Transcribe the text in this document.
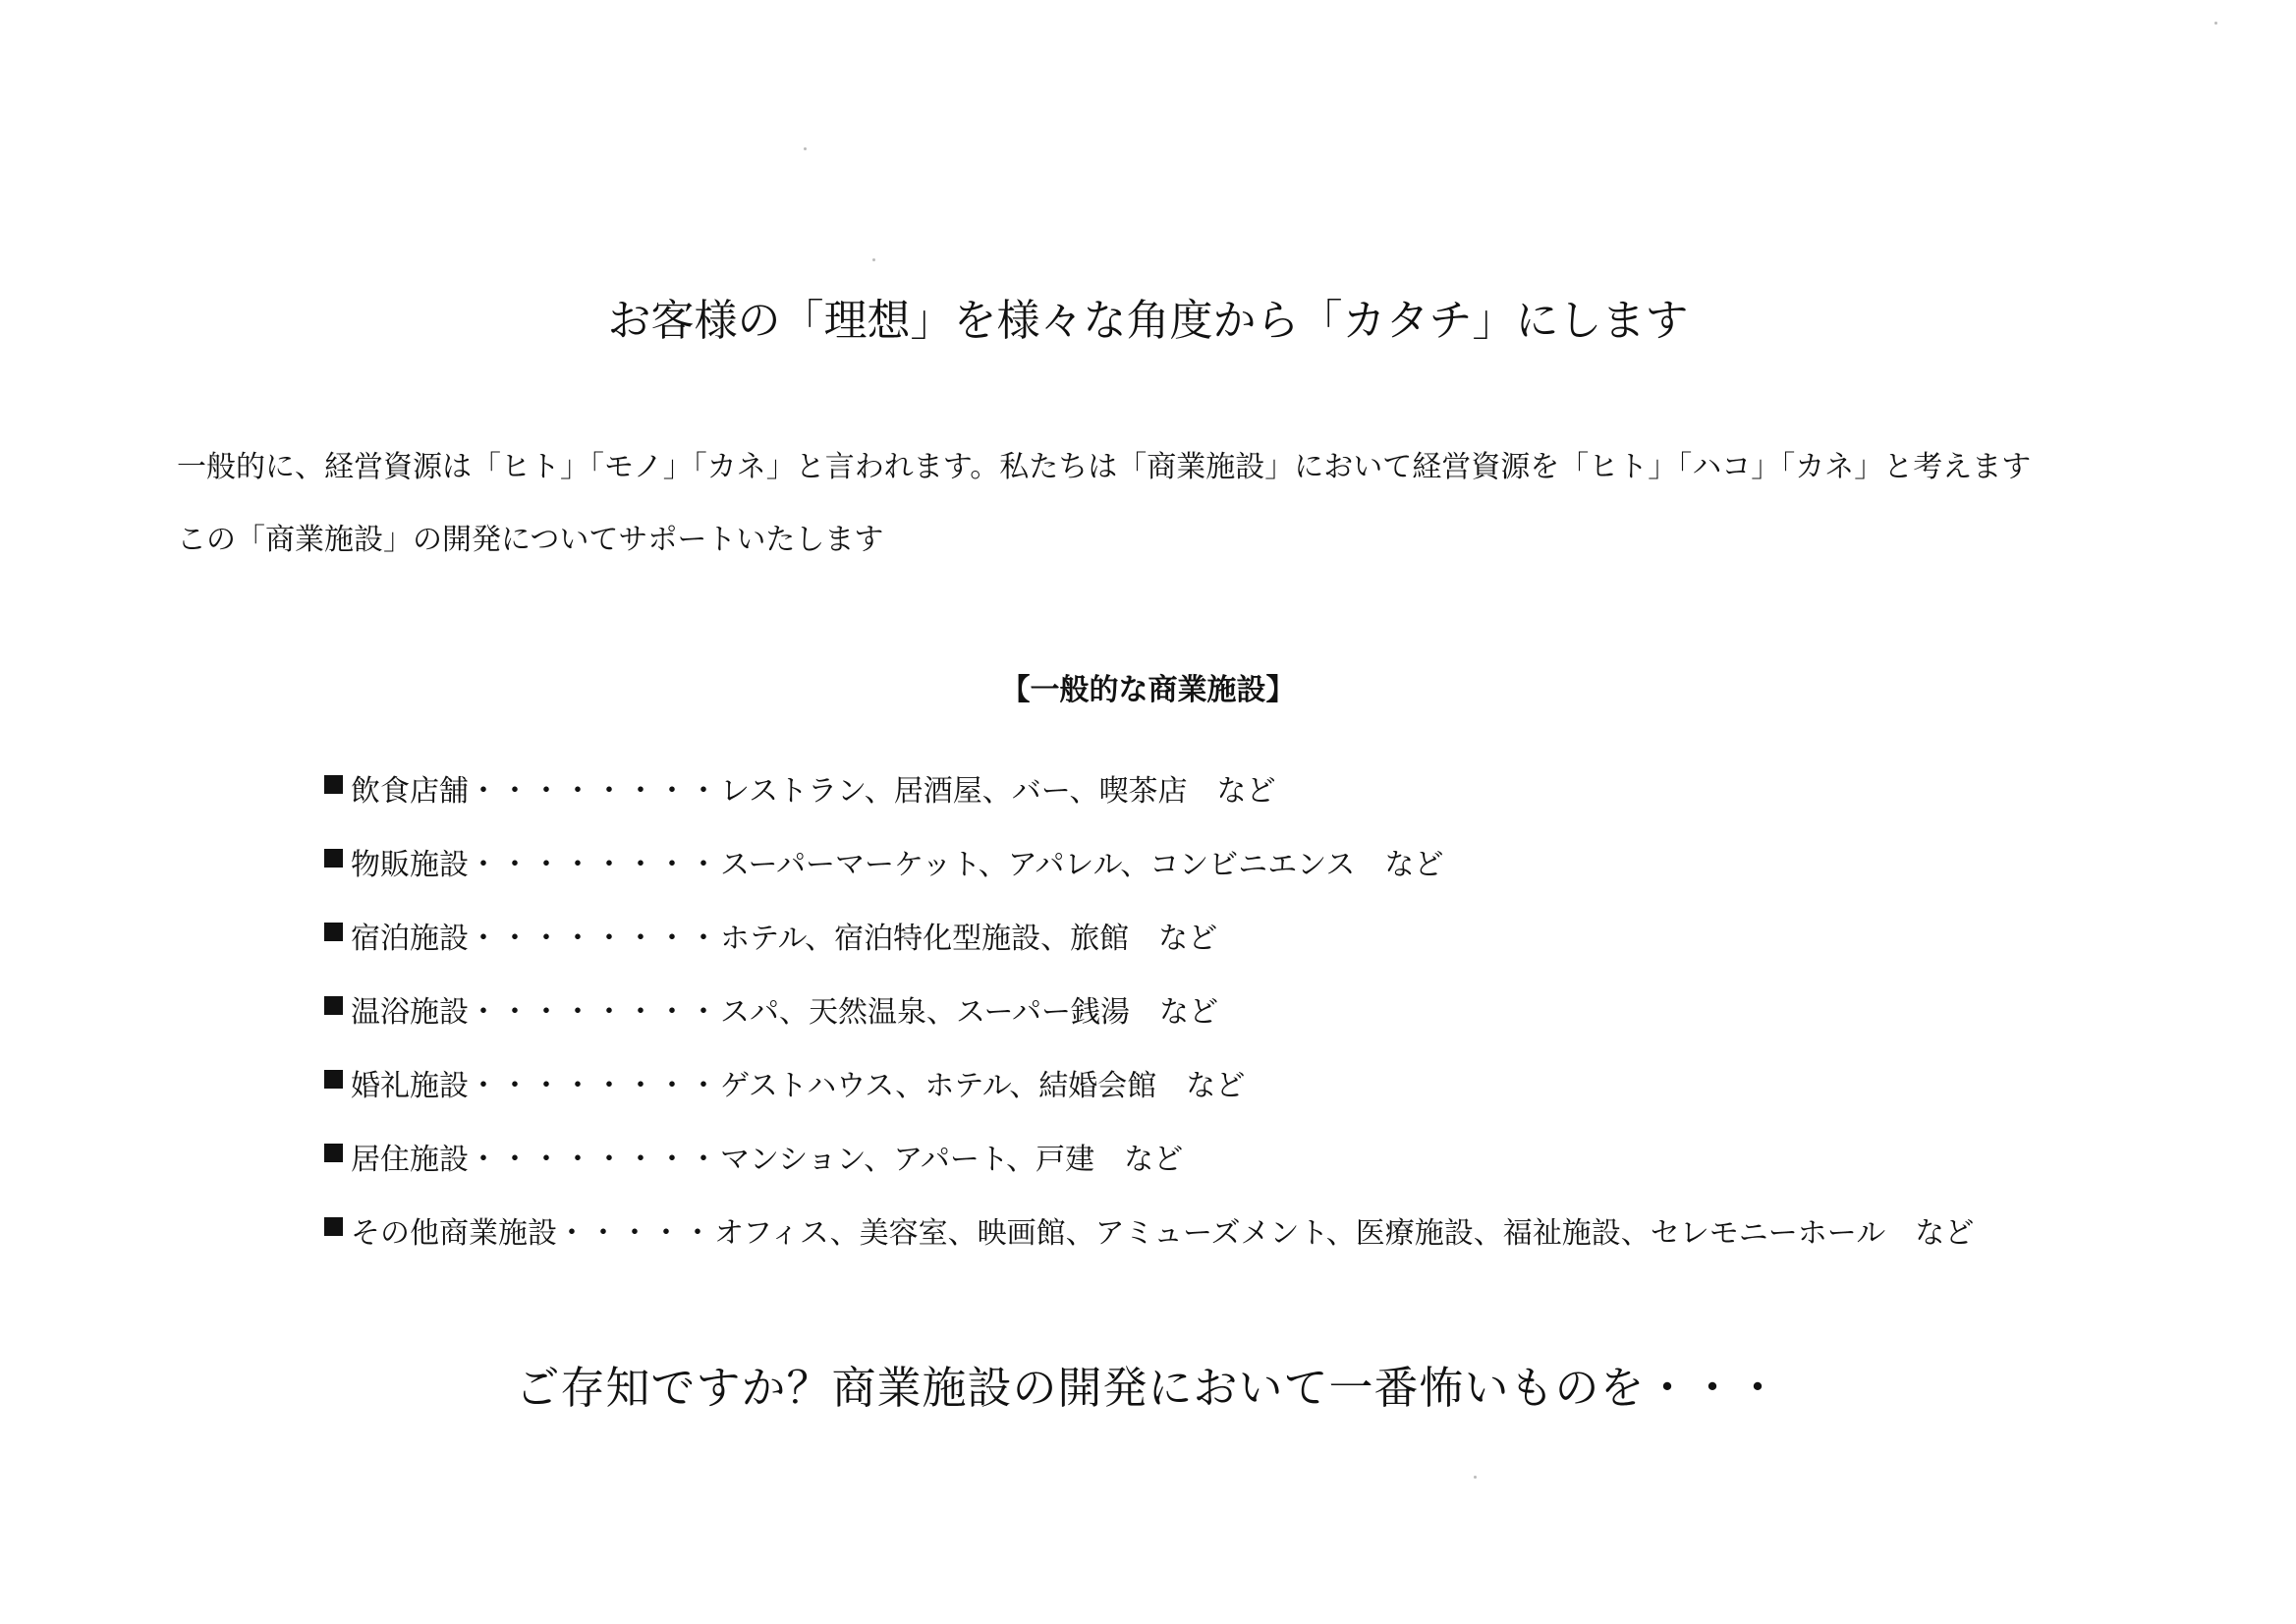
お客様の「理想」を様々な角度から「カタチ」にします

一般的に、経営資源は「ヒト」「モノ」「カネ」と言われます。私たちは「商業施設」において経営資源を「ヒト」「ハコ」「カネ」と考えます

この「商業施設」の開発についてサポートいたします

【一般的な商業施設】
飲食店舗 ・・・・・・・・ レストラン、居酒屋、バー、喫茶店　など
物販施設 ・・・・・・・・ スーパーマーケット、アパレル、コンビニエンス　など
宿泊施設 ・・・・・・・・ ホテル、宿泊特化型施設、旅館　など
温浴施設 ・・・・・・・・ スパ、天然温泉、スーパー銭湯　など
婚礼施設 ・・・・・・・・ ゲストハウス、ホテル、結婚会館　など
居住施設 ・・・・・・・・ マンション、アパート、戸建　など
その他商業施設 ・・・・・ オフィス、美容室、映画館、アミューズメント、医療施設、福祉施設、セレモニーホール　など
ご存知ですか？商業施設の開発において一番怖いものを・・・
